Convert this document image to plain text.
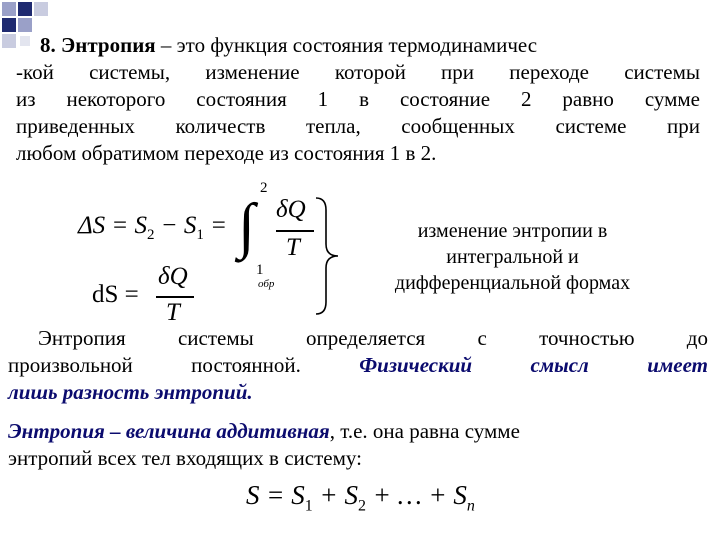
8. Энтропия – это функция состояния термодинамичес
-кой системы, изменение которой при переходе системы
из некоторого состояния 1 в состояние 2 равно сумме
приведенных количеств тепла, сообщенных системе при
любом обратимом переходе из состояния 1 в 2.
$\Delta S = S_2 - S_1$ = ∫
2
1
обр
δQ
T
dS =
δQ
T
изменение энтропии в
интегральной и
дифференциальной формах
Энтропия системы определяется с точностью до
произвольной постоянной. Физический смысл имеет
лишь разность энтропий.
Энтропия – величина аддитивная, т.е. она равна сумме
энтропий всех тел входящих в систему:
$S = S_1 + S_2$ + … + $S_n$
